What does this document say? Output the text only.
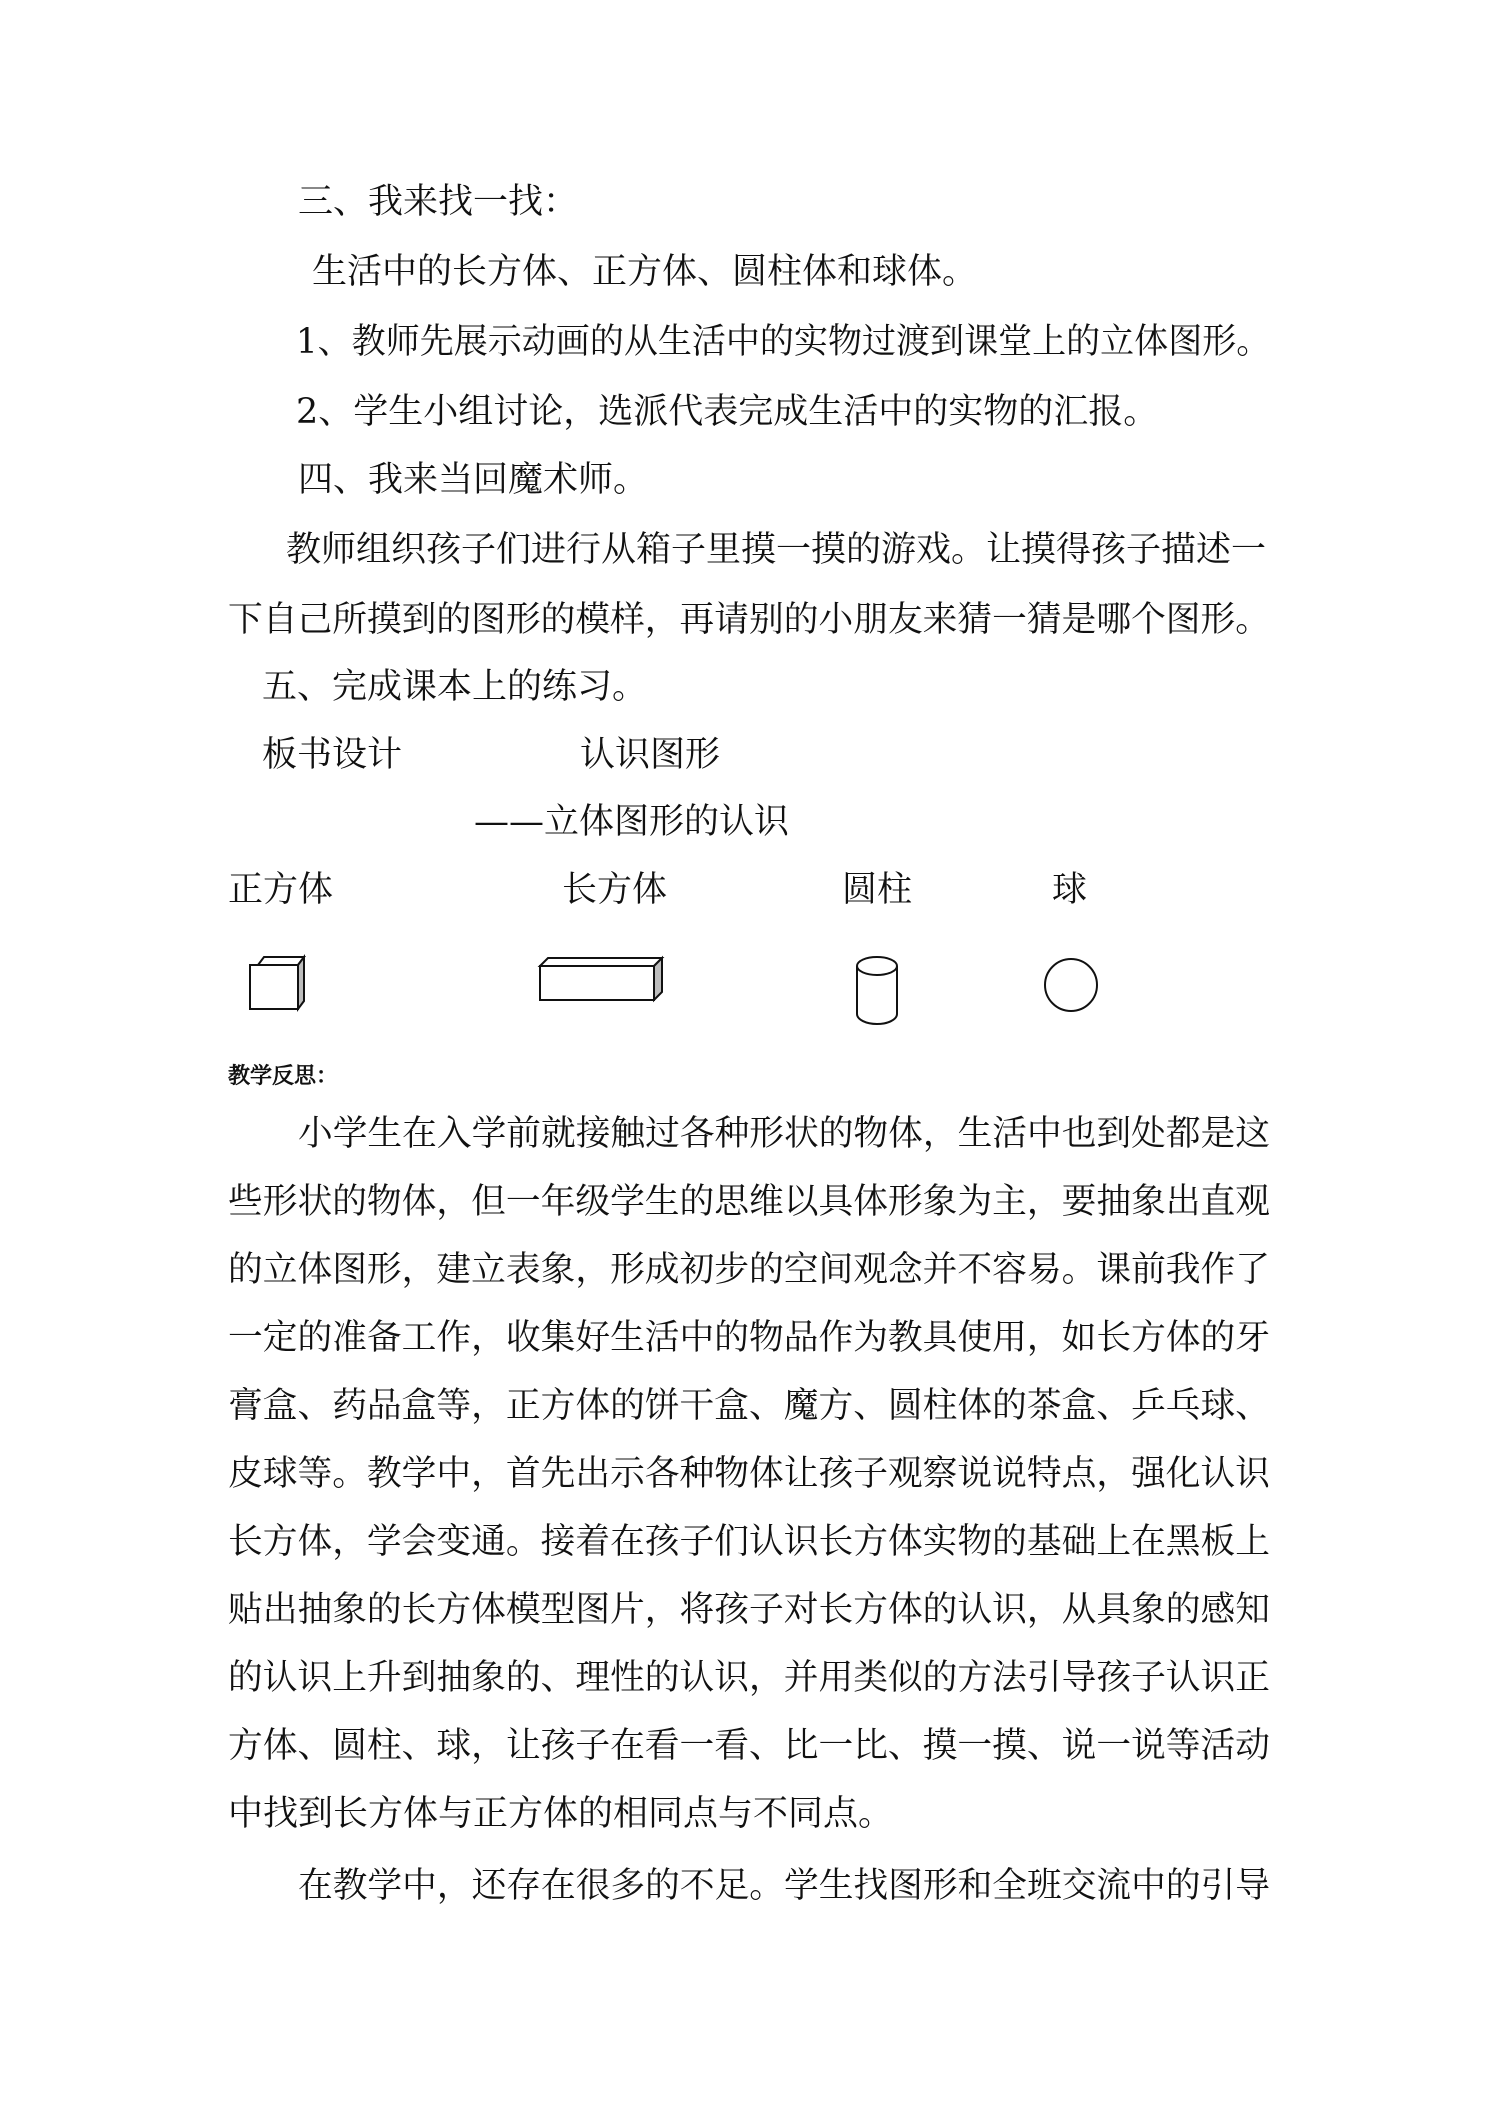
三、我来找一找：
生活中的长方体、正方体、圆柱体和球体。
1、教师先展示动画的从生活中的实物过渡到课堂上的立体图形。
2、学生小组讨论，选派代表完成生活中的实物的汇报。
四、我来当回魔术师。
教师组织孩子们进行从箱子里摸一摸的游戏。让摸得孩子描述一
下自己所摸到的图形的模样，再请别的小朋友来猜一猜是哪个图形。
五、完成课本上的练习。
板书设计	认识图形
——立体图形的认识
正方体	长方体	圆柱	球
教学反思：
小学生在入学前就接触过各种形状的物体，生活中也到处都是这
些形状的物体，但一年级学生的思维以具体形象为主，要抽象出直观
的立体图形，建立表象，形成初步的空间观念并不容易。课前我作了
一定的准备工作，收集好生活中的物品作为教具使用，如长方体的牙
膏盒、药品盒等，正方体的饼干盒、魔方、圆柱体的茶盒、乒乓球、
皮球等。教学中，首先出示各种物体让孩子观察说说特点，强化认识
长方体，学会变通。接着在孩子们认识长方体实物的基础上在黑板上
贴出抽象的长方体模型图片，将孩子对长方体的认识，从具象的感知
的认识上升到抽象的、理性的认识，并用类似的方法引导孩子认识正
方体、圆柱、球，让孩子在看一看、比一比、摸一摸、说一说等活动
中找到长方体与正方体的相同点与不同点。
在教学中，还存在很多的不足。学生找图形和全班交流中的引导
